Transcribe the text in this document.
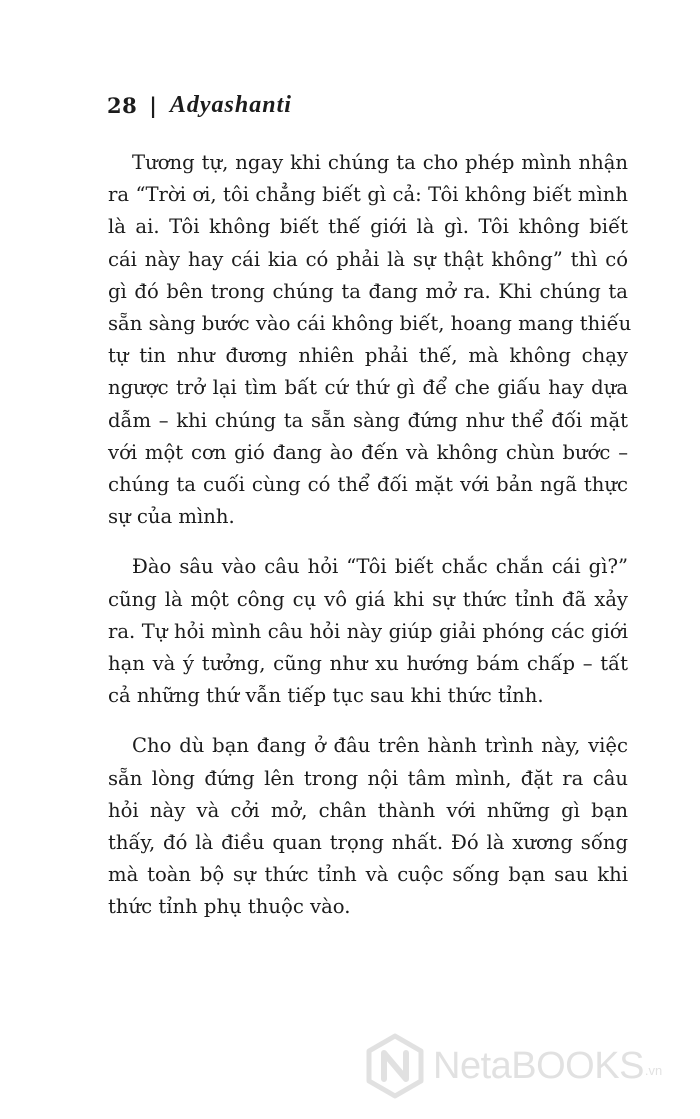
28 | Adyashanti

Tương tự, ngay khi chúng ta cho phép mình nhận
ra “Trời ơi, tôi chẳng biết gì cả: Tôi không biết mình
là ai. Tôi không biết thế giới là gì. Tôi không biết
cái này hay cái kia có phải là sự thật không” thì có
gì đó bên trong chúng ta đang mở ra. Khi chúng ta
sẵn sàng bước vào cái không biết, hoang mang thiếu
tự tin như đương nhiên phải thế, mà không chạy
ngược trở lại tìm bất cứ thứ gì để che giấu hay dựa
dẫm – khi chúng ta sẵn sàng đứng như thể đối mặt
với một cơn gió đang ào đến và không chùn bước –
chúng ta cuối cùng có thể đối mặt với bản ngã thực
sự của mình.

Đào sâu vào câu hỏi “Tôi biết chắc chắn cái gì?”
cũng là một công cụ vô giá khi sự thức tỉnh đã xảy
ra. Tự hỏi mình câu hỏi này giúp giải phóng các giới
hạn và ý tưởng, cũng như xu hướng bám chấp – tất
cả những thứ vẫn tiếp tục sau khi thức tỉnh.

Cho dù bạn đang ở đâu trên hành trình này, việc
sẵn lòng đứng lên trong nội tâm mình, đặt ra câu
hỏi này và cởi mở, chân thành với những gì bạn
thấy, đó là điều quan trọng nhất. Đó là xương sống
mà toàn bộ sự thức tỉnh và cuộc sống bạn sau khi
thức tỉnh phụ thuộc vào.

NetaBOOKS .vn
